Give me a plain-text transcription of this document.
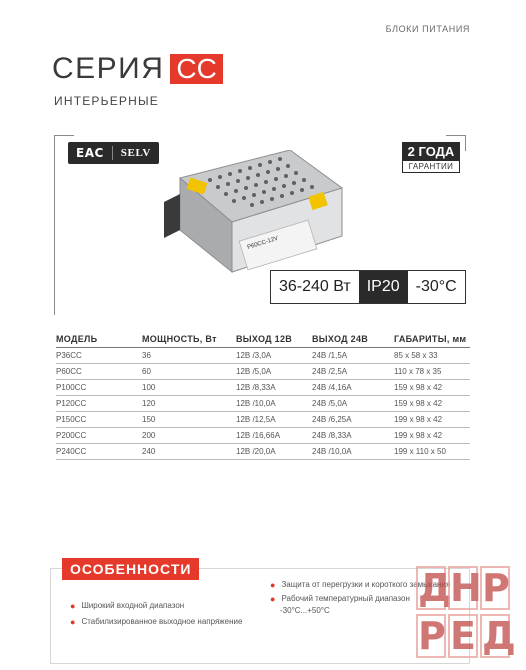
БЛОКИ ПИТАНИЯ
СЕРИЯ CC
ИНТЕРЬЕРНЫЕ
EAC	SELV	2 ГОДА
ГАРАНТИИ
P60CC-12V
36-240 Вт	IP20	-30°C
МОДЕЛЬ	МОЩНОСТЬ, Вт	ВЫХОД 12В	ВЫХОД 24В	ГАБАРИТЫ, мм
P36CC	36	12В /3,0А	24В /1,5А	85 х 58 х 33
P60CC	60	12В /5,0А	24В /2,5А	110 х 78 х 35
P100CC	100	12В /8,33А	24В /4,16А	159 х 98 х 42
P120CC	120	12В /10,0А	24В /5,0А	159 х 98 х 42
P150CC	150	12В /12,5А	24В /6,25А	199 х 98 х 42
P200CC	200	12В /16,66А	24В /8,33А	199 х 98 х 42
P240CC	240	12В /20,0А	24В /10,0А	199 х 110 х 50
ОСОБЕННОСТИ
● Широкий входной диапазон
● Стабилизированное выходное напряжение
● Защита от перегрузки и короткого замыкания
● Рабочий температурный диапазон
-30°C...+50°C
Д
Н Р
Р Е Д
